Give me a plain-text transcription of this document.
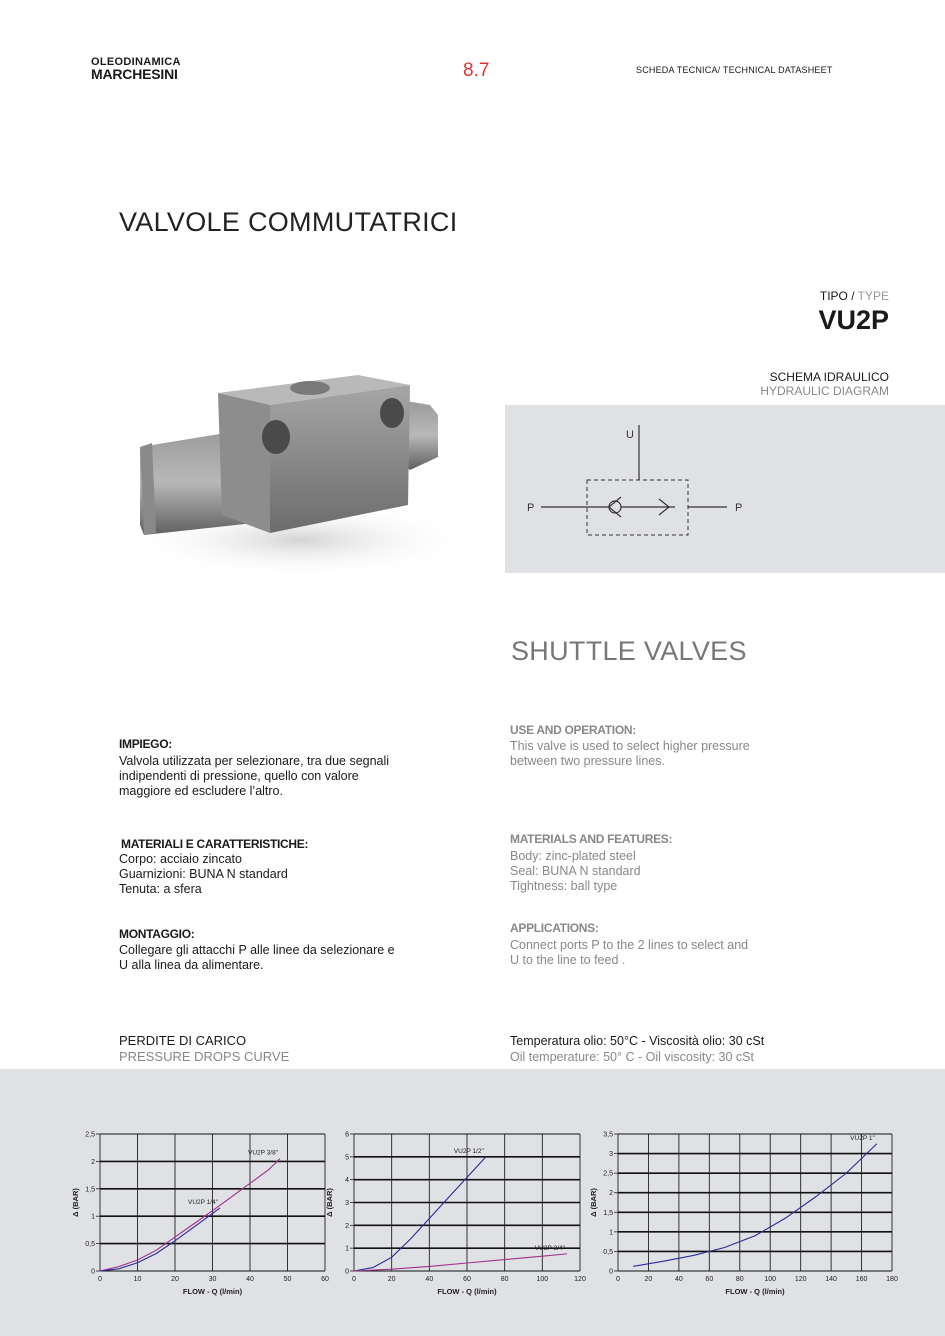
OLEODINAMICA
MARCHESINI	8.7	SCHEDA TECNICA/ TECHNICAL DATASHEET
VALVOLE COMMUTATRICI
TIPO / TYPE
VU2P
SCHEMA IDRAULICO
HYDRAULIC DIAGRAM
U
P	P
SHUTTLE VALVES
IMPIEGO:
Valvola utilizzata per selezionare, tra due segnali
indipendenti di pressione, quello con valore
maggiore ed escludere l’altro.
MATERIALI E CARATTERISTICHE:
Corpo: acciaio zincato
Guarnizioni: BUNA N standard
Tenuta: a sfera
MONTAGGIO:
Collegare gli attacchi P alle linee da selezionare e
U alla linea da alimentare.
USE AND OPERATION:
This valve is used to select higher pressure
between two pressure lines.
MATERIALS AND FEATURES:
Body: zinc-plated steel
Seal: BUNA N standard
Tightness: ball type
APPLICATIONS:
Connect ports P to the 2 lines to select and
U to the line to feed .
PERDITE DI CARICO
PRESSURE DROPS CURVE
Temperatura olio: 50°C - Viscosità olio: 30 cSt
Oil temperature: 50° C - Oil viscosity: 30 cSt
0	10	20	30	40	50	60
0
0,5
1
1,5
2
2,5
FLOW - Q (l/min)
Δ (BAR)
VU2P 3/8"
VU2P 1/4"
0	20	40	60	80	100	120
0
1
2
3
4
5
6
FLOW - Q (l/min)
Δ (BAR)
VU2P 1/2"
VU2P 3/4"
0	20	40	60	80	100	120	140	160	180
0
0,5
1
1,5
2
2,5
3
3,5
FLOW - Q (l/min)
Δ (BAR)
VU2P 1"
